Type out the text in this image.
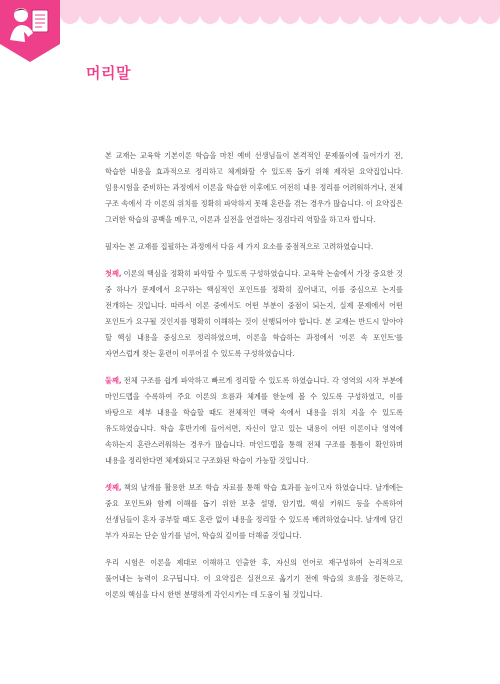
머리말

본 교재는 교육학 기본이론 학습을 마친 예비 선생님들이 본격적인 문제풀이에 들어가기 전, 학습한 내용을 효과적으로 정리하고 체계화할 수 있도록 돕기 위해 제작된 요약집입니다. 임용시험을 준비하는 과정에서 이론을 학습한 이후에도 여전히 내용 정리를 어려워하거나, 전체 구조 속에서 각 이론의 위치를 정확히 파악하지 못해 혼란을 겪는 경우가 많습니다. 이 요약집은 그러한 학습의 공백을 메우고, 이론과 실전을 연결하는 징검다리 역할을 하고자 합니다.

필자는 본 교재를 집필하는 과정에서 다음 세 가지 요소를 중점적으로 고려하였습니다.

첫째, 이론의 핵심을 정확히 파악할 수 있도록 구성하였습니다. 교육학 논술에서 가장 중요한 것 중 하나가 문제에서 요구하는 핵심적인 포인트를 정확히 짚어내고, 이를 중심으로 논지를 전개하는 것입니다. 따라서 이론 중에서도 어떤 부분이 중점이 되는지, 실제 문제에서 어떤 포인트가 요구될 것인지를 명확히 이해하는 것이 선행되어야 합니다. 본 교재는 반드시 알아야 할 핵심 내용을 중심으로 정리하였으며, 이론을 학습하는 과정에서 '이론 속 포인트'를 자연스럽게 찾는 훈련이 이루어질 수 있도록 구성하였습니다.

둘째, 전체 구조를 쉽게 파악하고 빠르게 정리할 수 있도록 하였습니다. 각 영역의 시작 부분에 마인드맵을 수록하여 주요 이론의 흐름과 체계를 한눈에 볼 수 있도록 구성하였고, 이를 바탕으로 세부 내용을 학습할 때도 전체적인 맥락 속에서 내용을 위치 지을 수 있도록 유도하였습니다. 학습 후반기에 들어서면, 자신이 알고 있는 내용이 어떤 이론이나 영역에 속하는지 혼란스러워하는 경우가 많습니다. 마인드맵을 통해 전체 구조를 틈틈이 확인하며 내용을 정리한다면 체계화되고 구조화된 학습이 가능할 것입니다.

셋째, 책의 날개를 활용한 보조 학습 자료를 통해 학습 효과를 높이고자 하였습니다. 날개에는 중요 포인트와 함께 이해를 돕기 위한 보충 설명, 암기법, 핵심 키워드 등을 수록하여 선생님들이 혼자 공부할 때도 혼란 없이 내용을 정리할 수 있도록 배려하였습니다. 날개에 담긴 부가 자료는 단순 암기를 넘어, 학습의 깊이를 더해줄 것입니다.

우리 시험은 이론을 제대로 이해하고 인출한 후, 자신의 언어로 재구성하여 논리적으로 풀어내는 능력이 요구됩니다. 이 요약집은 실전으로 옮기기 전에 학습의 흐름을 정돈하고, 이론의 핵심을 다시 한번 분명하게 각인시키는 데 도움이 될 것입니다.
